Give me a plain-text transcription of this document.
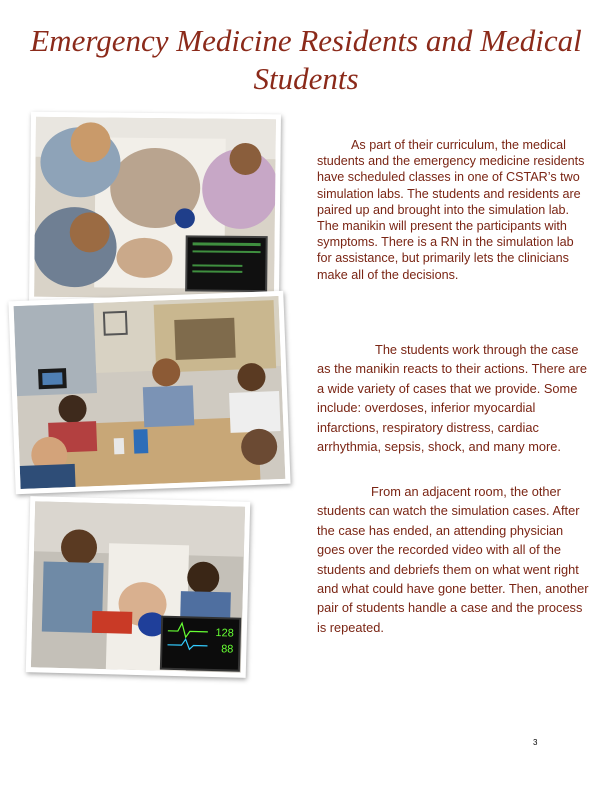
Emergency Medicine Residents and Medical Students
128
88

As part of their curriculum, the medical students and the emergency medicine residents have scheduled classes in one of CSTAR’s two simulation labs. The students and residents are paired up and brought into the simulation lab. The manikin will present the participants with symptoms. There is a RN in the simulation lab for assistance, but primarily lets the clinicians make all of the decisions.

The students work through the case as the manikin reacts to their actions. There are a wide variety of cases that we provide. Some include: overdoses, inferior myocardial infarctions, respiratory distress, cardiac arrhythmia, sepsis, shock, and many more.

From an adjacent room, the other students can watch the simulation cases. After the case has ended, an attending physician goes over the recorded video with all of the students and debriefs them on what went right and what could have gone better. Then, another pair of students handle a case and the process is repeated.

3
